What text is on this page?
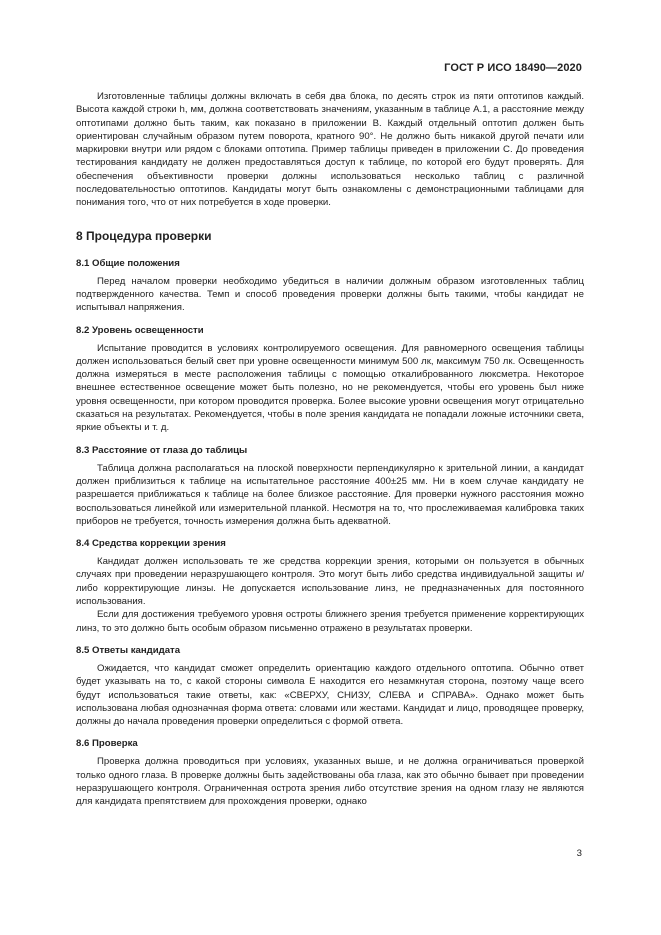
ГОСТ Р ИСО 18490—2020

Изготовленные таблицы должны включать в себя два блока, по десять строк из пяти оптотипов каждый. Высота каждой строки h, мм, должна соответствовать значениям, указанным в таблице А.1, а расстояние между оптотипами должно быть таким, как показано в приложении В. Каждый отдельный оптотип должен быть ориентирован случайным образом путем поворота, кратного 90°. Не должно быть никакой другой печати или маркировки внутри или рядом с блоками оптотипа. Пример таблицы приведен в приложении С. До проведения тестирования кандидату не должен предоставляться доступ к таблице, по которой его будут проверять. Для обеспечения объективности проверки должны использоваться несколько таблиц с различной последовательностью оптотипов. Кандидаты могут быть ознакомлены с демонстрационными таблицами для понимания того, что от них потребуется в ходе проверки.

8 Процедура проверки
8.1 Общие положения

Перед началом проверки необходимо убедиться в наличии должным образом изготовленных таблиц подтвержденного качества. Темп и способ проведения проверки должны быть такими, чтобы кандидат не испытывал напряжения.

8.2 Уровень освещенности

Испытание проводится в условиях контролируемого освещения. Для равномерного освещения таблицы должен использоваться белый свет при уровне освещенности минимум 500 лк, максимум 750 лк. Освещенность должна измеряться в месте расположения таблицы с помощью откалиброванного люксметра. Некоторое внешнее естественное освещение может быть полезно, но не рекомендуется, чтобы его уровень был ниже уровня освещенности, при котором проводится проверка. Более высокие уровни освещения могут отрицательно сказаться на результатах. Рекомендуется, чтобы в поле зрения кандидата не попадали ложные источники света, яркие объекты и т. д.

8.3 Расстояние от глаза до таблицы

Таблица должна располагаться на плоской поверхности перпендикулярно к зрительной линии, а кандидат должен приблизиться к таблице на испытательное расстояние 400±25 мм. Ни в коем случае кандидату не разрешается приближаться к таблице на более близкое расстояние. Для проверки нужного расстояния можно воспользоваться линейкой или измерительной планкой. Несмотря на то, что прослеживаемая калибровка таких приборов не требуется, точность измерения должна быть адекватной.

8.4 Средства коррекции зрения

Кандидат должен использовать те же средства коррекции зрения, которыми он пользуется в обычных случаях при проведении неразрушающего контроля. Это могут быть либо средства индивидуальной защиты и/либо корректирующие линзы. Не допускается использование линз, не предназначенных для постоянного использования.

Если для достижения требуемого уровня остроты ближнего зрения требуется применение корректирующих линз, то это должно быть особым образом письменно отражено в результатах проверки.

8.5 Ответы кандидата

Ожидается, что кандидат сможет определить ориентацию каждого отдельного оптотипа. Обычно ответ будет указывать на то, с какой стороны символа Е находится его незамкнутая сторона, поэтому чаще всего будут использоваться такие ответы, как: «СВЕРХУ, СНИЗУ, СЛЕВА и СПРАВА». Однако может быть использована любая однозначная форма ответа: словами или жестами. Кандидат и лицо, проводящее проверку, должны до начала проведения проверки определиться с формой ответа.

8.6 Проверка

Проверка должна проводиться при условиях, указанных выше, и не должна ограничиваться проверкой только одного глаза. В проверке должны быть задействованы оба глаза, как это обычно бывает при проведении неразрушающего контроля. Ограниченная острота зрения либо отсутствие зрения на одном глазу не являются для кандидата препятствием для прохождения проверки, однако

3
